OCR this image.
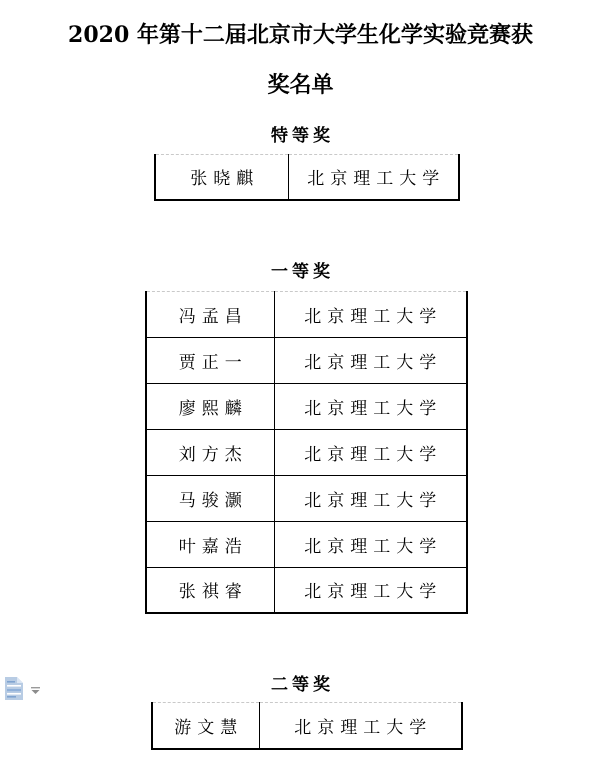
2020 年第十二届北京市大学生化学实验竞赛获
奖名单
特等奖
张晓麒	北京理工大学
一等奖
冯孟昌	北京理工大学
贾正一	北京理工大学
廖熙麟	北京理工大学
刘方杰	北京理工大学
马骏灏	北京理工大学
叶嘉浩	北京理工大学
张祺睿	北京理工大学
二等奖
游文慧	北京理工大学
